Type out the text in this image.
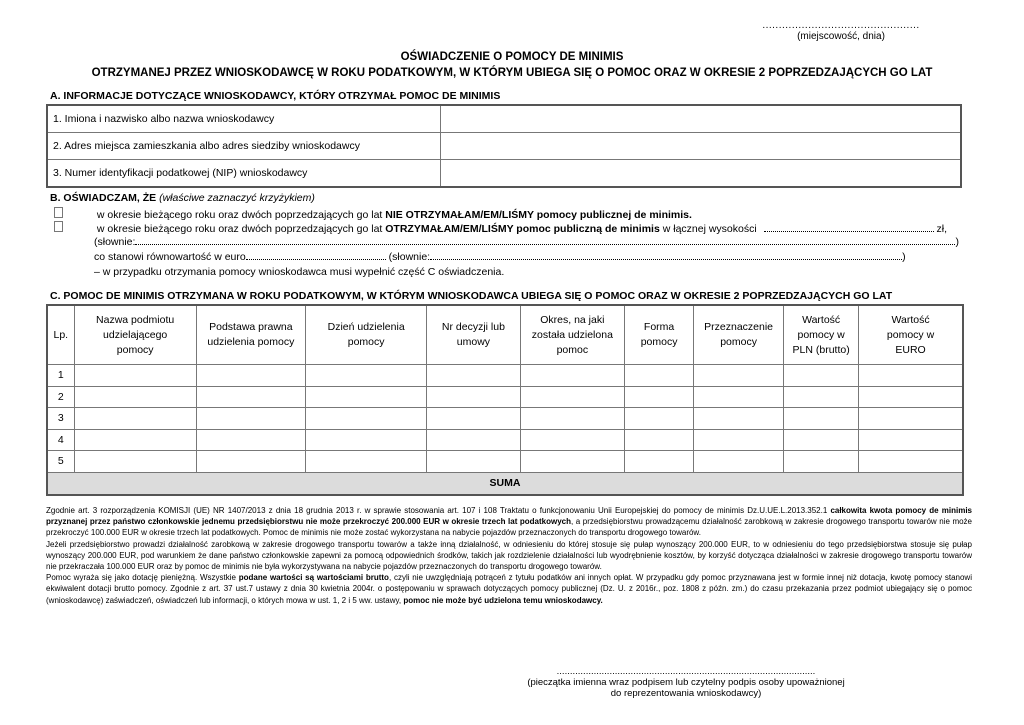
................................................
(miejscowość, dnia)
OŚWIADCZENIE O POMOCY DE MINIMIS
OTRZYMANEJ PRZEZ WNIOSKODAWCĘ W ROKU PODATKOWYM, W KTÓRYM UBIEGA SIĘ O POMOC ORAZ W OKRESIE 2 POPRZEDZAJĄCYCH GO LAT
A. INFORMACJE DOTYCZĄCE WNIOSKODAWCY, KTÓRY OTRZYMAŁ POMOC DE MINIMIS
1. Imiona i nazwisko albo nazwa wnioskodawcy	
2. Adres miejsca zamieszkania albo adres siedziby wnioskodawcy	
3. Numer identyfikacji podatkowej (NIP) wnioskodawcy	
B. OŚWIADCZAM, ŻE (właściwe zaznaczyć krzyżykiem)
w okresie bieżącego roku oraz dwóch poprzedzających go lat NIE OTRZYMAŁAM/EM/LIŚMY pomocy publicznej de minimis.
w okresie bieżącego roku oraz dwóch poprzedzających go lat OTRZYMAŁAM/EM/LIŚMY pomoc publiczną de minimis w łącznej wysokości	zł,
(słownie:	)
co stanowi równowartość w euro	(słownie:	)
– w przypadku otrzymania pomocy wnioskodawca musi wypełnić część C oświadczenia.
C. POMOC DE MINIMIS OTRZYMANA W ROKU PODATKOWYM, W KTÓRYM WNIOSKODAWCA UBIEGA SIĘ O POMOC ORAZ W OKRESIE 2 POPRZEDZAJĄCYCH GO LAT
Lp.	Nazwa podmiotu udzielającego pomocy	Podstawa prawna udzielenia pomocy	Dzień udzielenia pomocy	Nr decyzji lub umowy	Okres, na jaki została udzielona pomoc	Forma pomocy	Przeznaczenie pomocy	Wartość pomocy w PLN (brutto)	Wartość pomocy w EURO
1									
2									
3									
4									
5									
SUMA									

Zgodnie art. 3 rozporządzenia KOMISJI (UE) NR 1407/2013 z dnia 18 grudnia 2013 r. w sprawie stosowania art. 107 i 108 Traktatu o funkcjonowaniu Unii Europejskiej do pomocy de minimis Dz.U.UE.L.2013.352.1 całkowita kwota pomocy de minimis przyznanej przez państwo członkowskie jednemu przedsiębiorstwu nie może przekroczyć 200.000 EUR w okresie trzech lat podatkowych, a przedsiębiorstwu prowadzącemu działalność zarobkową w zakresie drogowego transportu towarów nie może przekroczyć 100.000 EUR w okresie trzech lat podatkowych. Pomoc de minimis nie może zostać wykorzystana na nabycie pojazdów przeznaczonych do transportu drogowego towarów.

Jeżeli przedsiębiorstwo prowadzi działalność zarobkową w zakresie drogowego transportu towarów a także inną działalność, w odniesieniu do której stosuje się pułap wynoszący 200.000 EUR, to w odniesieniu do tego przedsiębiorstwa stosuje się pułap wynoszący 200.000 EUR, pod warunkiem że dane państwo członkowskie zapewni za pomocą odpowiednich środków, takich jak rozdzielenie działalności lub wyodrębnienie kosztów, by korzyść dotycząca działalności w zakresie drogowego transportu towarów nie przekraczała 100.000 EUR oraz by pomoc de minimis nie była wykorzystywana na nabycie pojazdów przeznaczonych do transportu drogowego towarów.

Pomoc wyraża się jako dotację pieniężną. Wszystkie podane wartości są wartościami brutto, czyli nie uwzględniają potrąceń z tytułu podatków ani innych opłat. W przypadku gdy pomoc przyznawana jest w formie innej niż dotacja, kwotę pomocy stanowi ekwiwalent dotacji brutto pomocy. Zgodnie z art. 37 ust.7 ustawy z dnia 30 kwietnia 2004r. o postępowaniu w sprawach dotyczących pomocy publicznej (Dz. U. z 2016r., poz. 1808 z późn. zm.) do czasu przekazania przez podmiot ubiegający się o pomoc (wnioskodawcę) zaświadczeń, oświadczeń lub informacji, o których mowa w ust. 1, 2 i 5 ww. ustawy, pomoc nie może być udzielona temu wnioskodawcy.

..................................................................................................
(pieczątka imienna wraz podpisem lub czytelny podpis osoby upoważnionej
do reprezentowania wnioskodawcy)
